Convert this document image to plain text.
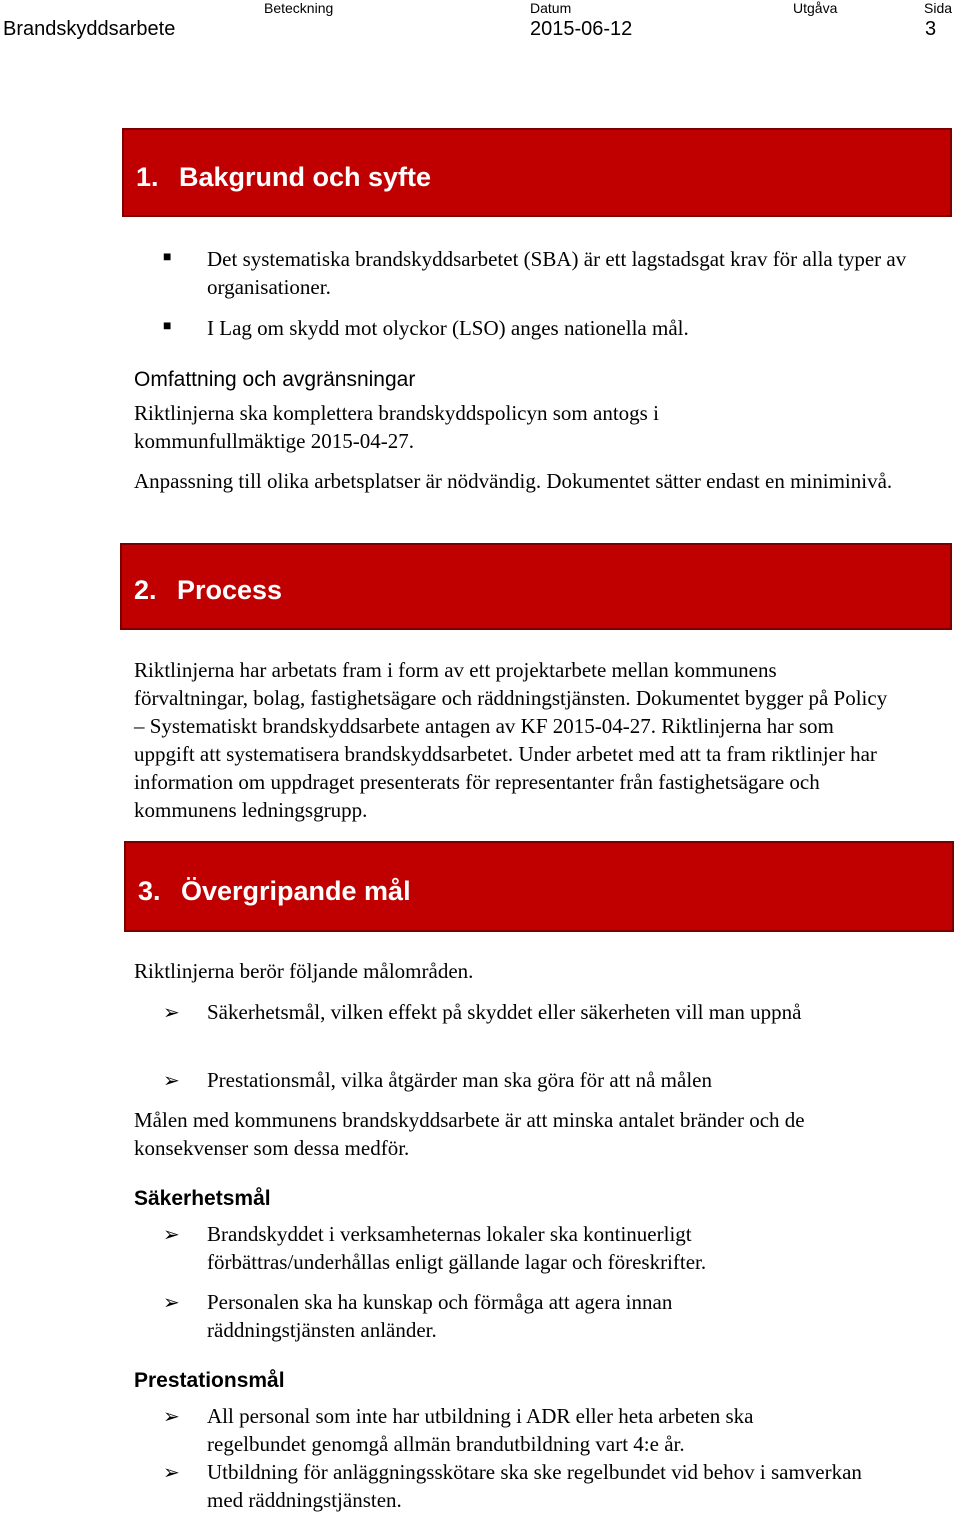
Beteckning	Datum	Utgåva	Sida
Brandskyddsarbete	2015-06-12	3
1. Bakgrund och syfte
■ Det systematiska brandskyddsarbetet (SBA) är ett lagstadsgat krav för alla typer av organisationer.

■ I Lag om skydd mot olyckor (LSO) anges nationella mål.

Omfattning och avgränsningar

Riktlinjerna ska komplettera brandskyddspolicyn som antogs i kommunfullmäktige 2015-04-27.

Anpassning till olika arbetsplatser är nödvändig. Dokumentet sätter endast en miniminivå.

2. Process

Riktlinjerna har arbetats fram i form av ett projektarbete mellan kommunens förvaltningar, bolag, fastighetsägare och räddningstjänsten. Dokumentet bygger på Policy – Systematiskt brandskyddsarbete antagen av KF 2015-04-27. Riktlinjerna har som uppgift att systematisera brandskyddsarbetet. Under arbetet med att ta fram riktlinjer har information om uppdraget presenterats för representanter från fastighetsägare och kommunens ledningsgrupp.

3. Övergripande mål

Riktlinjerna berör följande målområden.

➢ Säkerhetsmål, vilken effekt på skyddet eller säkerheten vill man uppnå

➢ Prestationsmål, vilka åtgärder man ska göra för att nå målen

Målen med kommunens brandskyddsarbete är att minska antalet bränder och de konsekvenser som dessa medför.

Säkerhetsmål
➢ Brandskyddet i verksamheternas lokaler ska kontinuerligt förbättras/underhållas enligt gällande lagar och föreskrifter.

➢ Personalen ska ha kunskap och förmåga att agera innan räddningstjänsten anländer.

Prestationsmål
➢ All personal som inte har utbildning i ADR eller heta arbeten ska regelbundet genomgå allmän brandutbildning vart 4:e år.

➢ Utbildning för anläggningsskötare ska ske regelbundet vid behov i samverkan med räddningstjänsten.
